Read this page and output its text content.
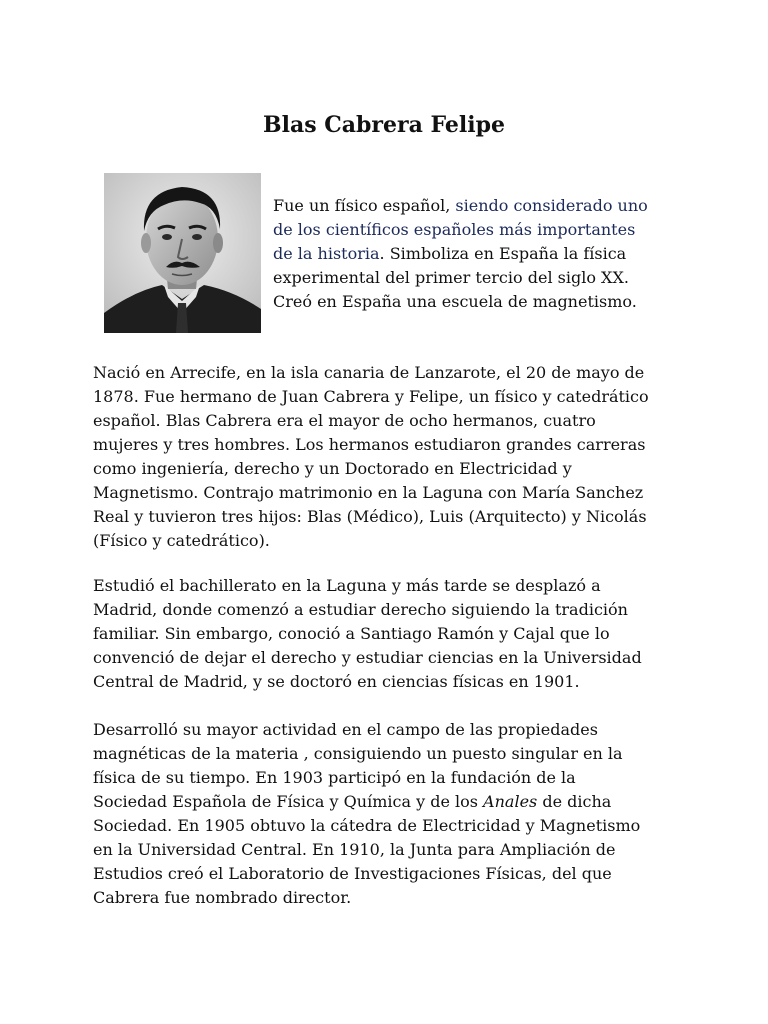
Blas Cabrera Felipe

Fue un físico español, siendo considerado uno
de los científicos españoles más importantes
de la historia. Simboliza en España la física
experimental del primer tercio del siglo XX.
Creó en España una escuela de magnetismo.

Nació en Arrecife, en la isla canaria de Lanzarote, el 20 de mayo de
1878. Fue hermano de Juan Cabrera y Felipe, un físico y catedrático
español. Blas Cabrera era el mayor de ocho hermanos, cuatro
mujeres y tres hombres. Los hermanos estudiaron grandes carreras
como ingeniería, derecho y un Doctorado en Electricidad y
Magnetismo. Contrajo matrimonio en la Laguna con María Sanchez
Real y tuvieron tres hijos: Blas (Médico), Luis (Arquitecto) y Nicolás
(Físico y catedrático).

Estudió el bachillerato en la Laguna y más tarde se desplazó a
Madrid, donde comenzó a estudiar derecho siguiendo la tradición
familiar. Sin embargo, conoció a Santiago Ramón y Cajal que lo
convenció de dejar el derecho y estudiar ciencias en la Universidad
Central de Madrid, y se doctoró en ciencias físicas en 1901.

Desarrolló su mayor actividad en el campo de las propiedades
magnéticas de la materia , consiguiendo un puesto singular en la
física de su tiempo. En 1903 participó en la fundación de la
Sociedad Española de Física y Química y de los Anales de dicha
Sociedad. En 1905 obtuvo la cátedra de Electricidad y Magnetismo
en la Universidad Central. En 1910, la Junta para Ampliación de
Estudios creó el Laboratorio de Investigaciones Físicas, del que
Cabrera fue nombrado director.
